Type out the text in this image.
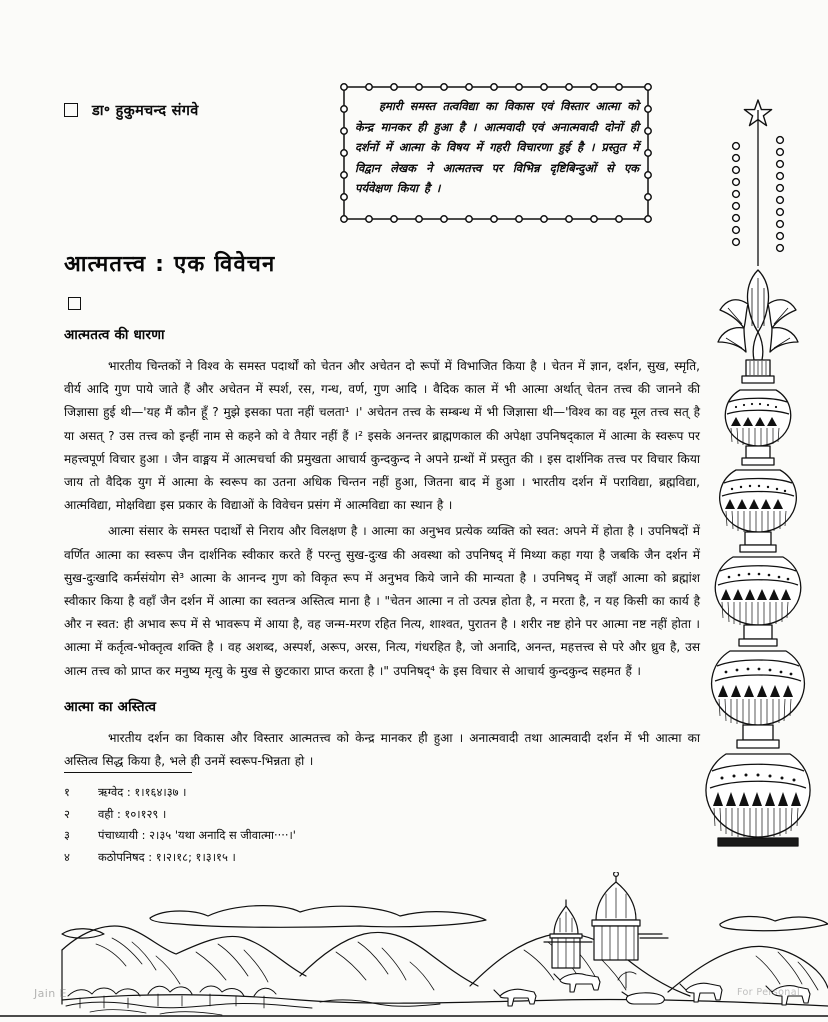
डा॰ हुकुमचन्द संगवे	हमारी समस्त तत्वविद्या का विकास एवं विस्तार आत्मा को केन्द्र मानकर ही हुआ है । आत्मवादी एवं अनात्मवादी दोनों ही दर्शनों में आत्मा के विषय में गहरी विचारणा हुई है । प्रस्तुत में विद्वान लेखक ने आत्मतत्त्व पर विभिन्न दृष्टिबिन्दुओं से एक पर्यवेक्षण किया है ।
आत्मतत्त्व : एक विवेचन
आत्मतत्व की धारणा

भारतीय चिन्तकों ने विश्व के समस्त पदार्थों को चेतन और अचेतन दो रूपों में विभाजित किया है । चेतन में ज्ञान, दर्शन, सुख, स्मृति, वीर्य आदि गुण पाये जाते हैं और अचेतन में स्पर्श, रस, गन्ध, वर्ण, गुण आदि । वैदिक काल में भी आत्मा अर्थात् चेतन तत्त्व की जानने की जिज्ञासा हुई थी—'यह मैं कौन हूँ ? मुझे इसका पता नहीं चलता¹ ।' अचेतन तत्त्व के सम्बन्ध में भी जिज्ञासा थी—'विश्व का वह मूल तत्त्व सत् है या असत् ? उस तत्त्व को इन्हीं नाम से कहने को वे तैयार नहीं हैं ।² इसके अनन्तर ब्राह्मणकाल की अपेक्षा उपनिषद्काल में आत्मा के स्वरूप पर महत्त्वपूर्ण विचार हुआ । जैन वाङ्मय में आत्मचर्चा की प्रमुखता आचार्य कुन्दकुन्द ने अपने ग्रन्थों में प्रस्तुत की । इस दार्शनिक तत्त्व पर विचार किया जाय तो वैदिक युग में आत्मा के स्वरूप का उतना अधिक चिन्तन नहीं हुआ, जितना बाद में हुआ । भारतीय दर्शन में पराविद्या, ब्रह्मविद्या, आत्मविद्या, मोक्षविद्या इस प्रकार के विद्याओं के विवेचन प्रसंग में आत्मविद्या का स्थान है ।

आत्मा संसार के समस्त पदार्थों से निराय और विलक्षण है । आत्मा का अनुभव प्रत्येक व्यक्ति को स्वत: अपने में होता है । उपनिषदों में वर्णित आत्मा का स्वरूप जैन दार्शनिक स्वीकार करते हैं परन्तु सुख-दुःख की अवस्था को उपनिषद् में मिथ्या कहा गया है जबकि जैन दर्शन में सुख-दुःखादि कर्मसंयोग से³ आत्मा के आनन्द गुण को विकृत रूप में अनुभव किये जाने की मान्यता है । उपनिषद् में जहाँ आत्मा को ब्रह्मांश स्वीकार किया है वहाँ जैन दर्शन में आत्मा का स्वतन्त्र अस्तित्व माना है । "चेतन आत्मा न तो उत्पन्न होता है, न मरता है, न यह किसी का कार्य है और न स्वत: ही अभाव रूप में से भावरूप में आया है, वह जन्म-मरण रहित नित्य, शाश्वत, पुरातन है । शरीर नष्ट होने पर आत्मा नष्ट नहीं होता । आत्मा में कर्तृत्व-भोक्तृत्व शक्ति है । वह अशब्द, अस्पर्श, अरूप, अरस, नित्य, गंधरहित है, जो अनादि, अनन्त, महत्तत्त्व से परे और ध्रुव है, उस आत्म तत्त्व को प्राप्त कर मनुष्य मृत्यु के मुख से छुटकारा प्राप्त करता है ।" उपनिषद्⁴ के इस विचार से आचार्य कुन्दकुन्द सहमत हैं ।

आत्मा का अस्तित्व

भारतीय दर्शन का विकास और विस्तार आत्मतत्त्व को केन्द्र मानकर ही हुआ । अनात्मवादी तथा आत्मवादी दर्शन में भी आत्मा का अस्तित्व सिद्ध किया है, भले ही उनमें स्वरूप-भिन्नता हो ।

१	ऋग्वेद : १।१६४।३७ ।
२	वही : १०।१२९ ।
३	पंचाध्यायी : २।३५ 'यथा अनादि स जीवात्मा····।'
४	कठोपनिषद : १।२।१८; १।३।१५ ।
Jain E	For Personal
